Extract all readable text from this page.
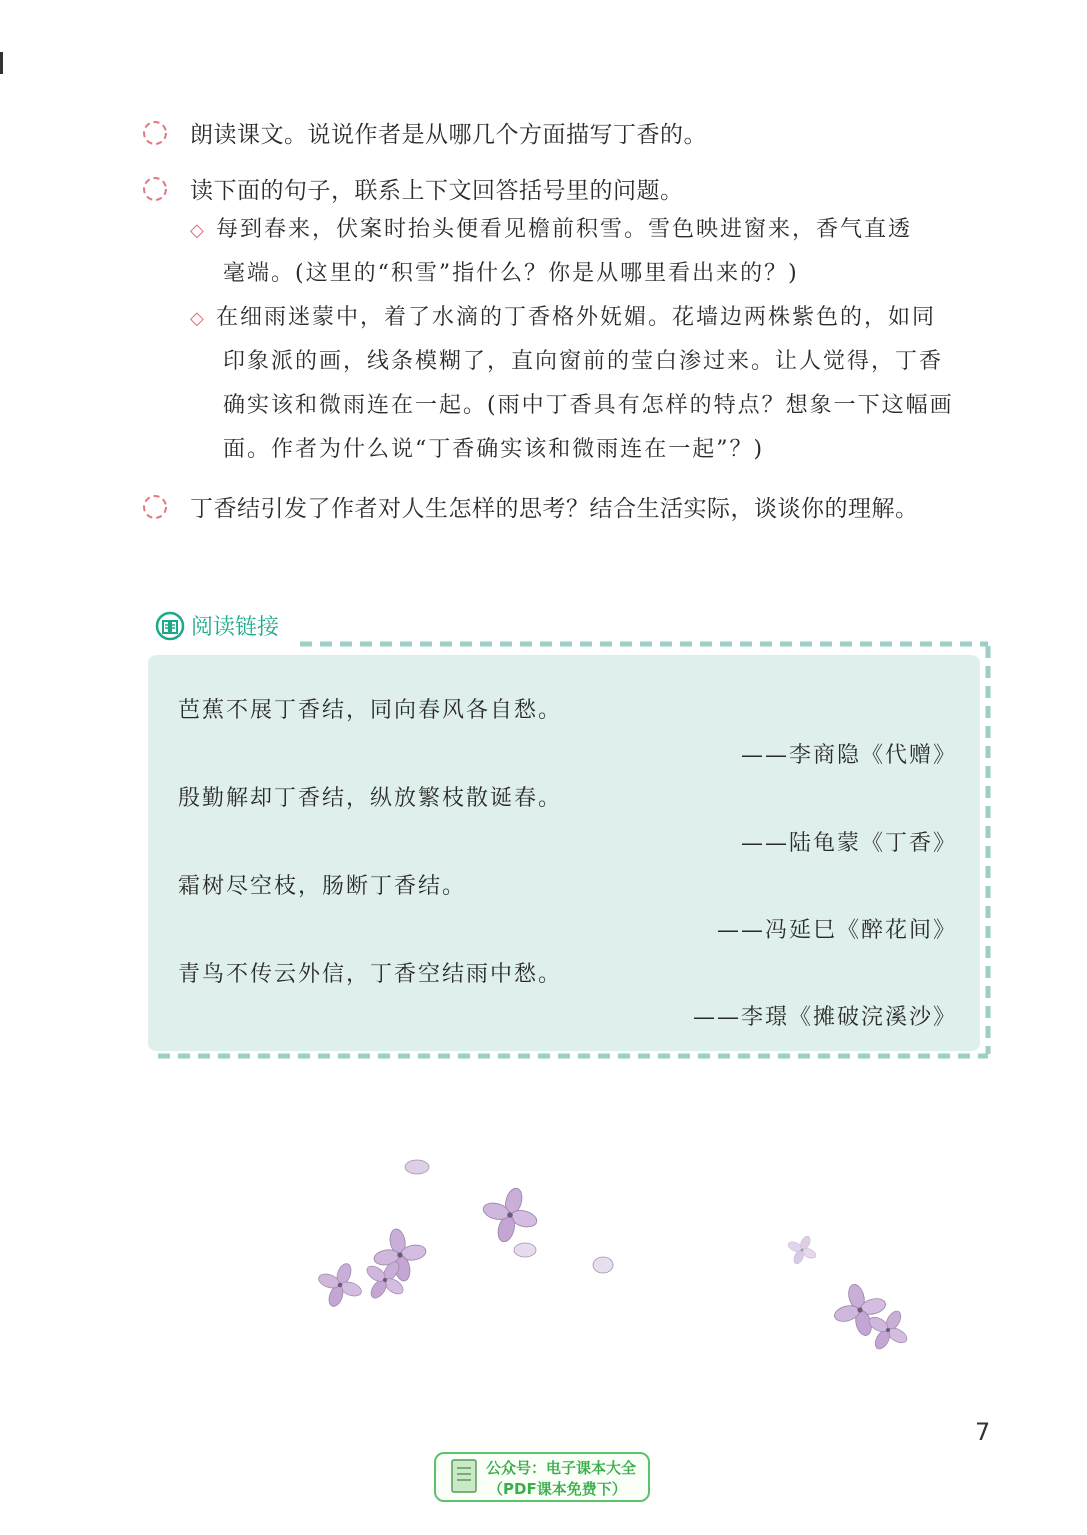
朗读课文。说说作者是从哪几个方面描写丁香的。
读下面的句子，联系上下文回答括号里的问题。
◇ 每到春来，伏案时抬头便看见檐前积雪。雪色映进窗来，香气直透
毫端。(这里的“积雪”指什么？你是从哪里看出来的？)
◇ 在细雨迷蒙中，着了水滴的丁香格外妩媚。花墙边两株紫色的，如同
印象派的画，线条模糊了，直向窗前的莹白渗过来。让人觉得，丁香
确实该和微雨连在一起。(雨中丁香具有怎样的特点？想象一下这幅画
面。作者为什么说“丁香确实该和微雨连在一起”？)
丁香结引发了作者对人生怎样的思考？结合生活实际，谈谈你的理解。
阅读链接
芭蕉不展丁香结，同向春风各自愁。
——李商隐《代赠》
殷勤解却丁香结，纵放繁枝散诞春。
——陆龟蒙《丁香》
霜树尽空枝，肠断丁香结。
——冯延巳《醉花间》
青鸟不传云外信，丁香空结雨中愁。
——李璟《摊破浣溪沙》
7
公众号：电子课本大全
（PDF课本免费下）
